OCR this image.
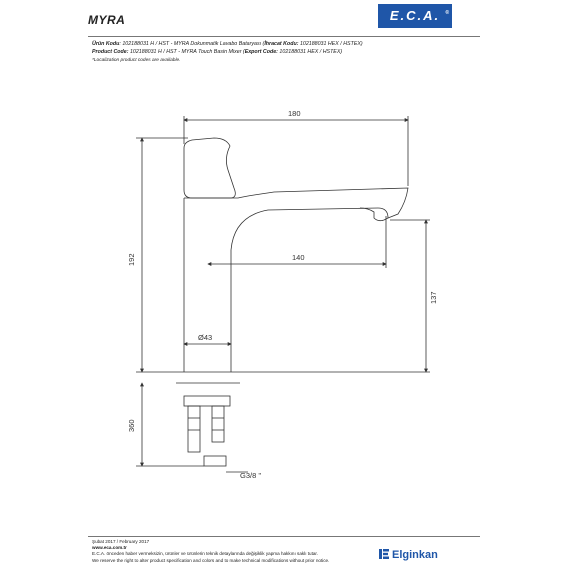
MYRA	E.C.A. ®
Ürün Kodu: 102188031 H / HST - MYRA Dokunmatik Lavabo Bataryası (İhracat Kodu: 102188031 HEX / HSTEX)
Product Code: 102188031 H / HST - MYRA Touch Basin Mixer (Export Code: 102188031 HEX / HSTEX)
*Localization product codes are available.
180
192	140
137
Ø43
360
G3/8 ''
Şubat 2017 / February 2017
www.eca.com.tr
E.C.A. önceden haber vermeksizin, ürünler ve ürünlerin teknik detaylarında değişiklik yapma hakkını saklı tutar.
We reserve the right to alter product specification and colors and to make technical modifications without prior notice.	Elginkan
